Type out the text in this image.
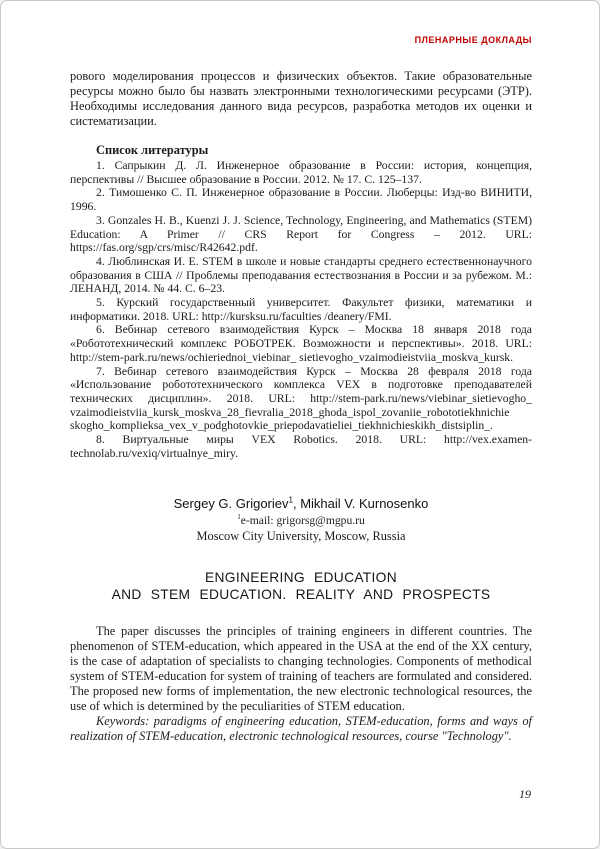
ПЛЕНАРНЫЕ ДОКЛАДЫ

рового моделирования процессов и физических объектов. Такие образовательные ресурсы можно было бы назвать электронными технологическими ресурсами (ЭТР). Необходимы исследования данного вида ресурсов, разработка методов их оценки и систематизации.

Список литературы

1. Сапрыкин Д. Л. Инженерное образование в России: история, концепция, перспективы // Высшее образование в России. 2012. № 17. С. 125–137.

2. Тимошенко С. П. Инженерное образование в России. Люберцы: Изд-во ВИНИТИ, 1996.

3. Gonzales H. B., Kuenzi J. J. Science, Technology, Engineering, and Mathematics (STEM) Education: A Primer // CRS Report for Congress – 2012. URL: https://fas.org/sgp/crs/misc/R42642.pdf.

4. Люблинская И. Е. STEM в школе и новые стандарты среднего естественнонаучного образования в США // Проблемы преподавания естествознания в России и за рубежом. М.: ЛЕНАНД, 2014. № 44. С. 6–23.

5. Курский государственный университет. Факультет физики, математики и информатики. 2018. URL: http://kursksu.ru/faculties /deanery/FMI.

6. Вебинар сетевого взаимодействия Курск – Москва 18 января 2018 года «Робототехнический комплекс РОБОТРЕК. Возможности и перспективы». 2018. URL: http://stem-park.ru/news/ochieriednoi_viebinar_ sietievogho_vzaimodieistviia_moskva_kursk.

7. Вебинар сетевого взаимодействия Курск – Москва 28 февраля 2018 года «Использование робототехнического комплекса VEX в подготовке преподавателей технических дисциплин». 2018. URL: http://stem-park.ru/news/viebinar_sietievogho_ vzaimodieistviia_kursk_moskva_28_fievralia_2018_ghoda_ispol_zovaniie_robototiekhnichie skogho_komplieksa_vex_v_podghotovkie_priepodavatieliei_tiekhnichieskikh_distsiplin_.

8. Виртуальные миры VEX Robotics. 2018. URL: http://vex.examen-technolab.ru/vexiq/virtualnye_miry.

Sergey G. Grigoriev$^1$, Mikhail V. Kurnosenko
$^1$e-mail: grigorsg@mgpu.ru
Moscow City University, Moscow, Russia
ENGINEERING EDUCATION
AND STEM EDUCATION. REALITY AND PROSPECTS

The paper discusses the principles of training engineers in different countries. The phenomenon of STEM-education, which appeared in the USA at the end of the XX century, is the case of adaptation of specialists to changing technologies. Components of methodical system of STEM-education for system of training of teachers are formulated and considered. The proposed new forms of implementation, the new electronic technological resources, the use of which is determined by the peculiarities of STEM education.

Keywords: paradigms of engineering education, STEM-education, forms and ways of realization of STEM-education, electronic technological resources, course "Technology".

19
